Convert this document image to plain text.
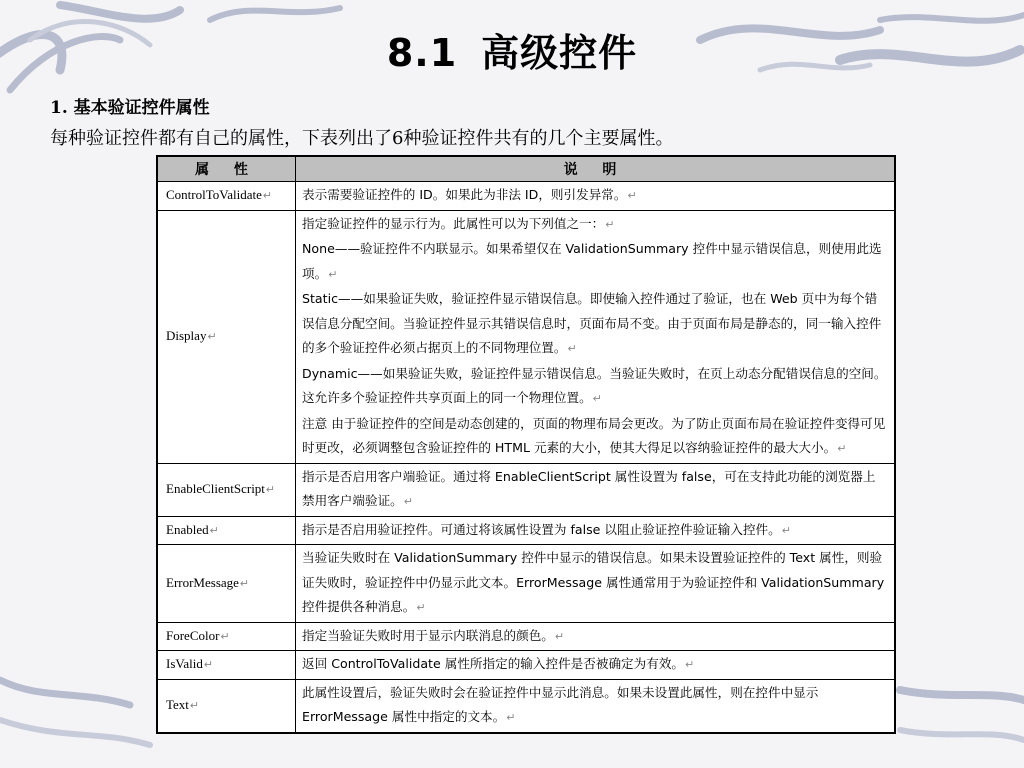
8.1 高级控件
1. 基本验证控件属性
每种验证控件都有自己的属性，下表列出了6种验证控件共有的几个主要属性。
属 性	说 明
ControlToValidate↵	表示需要验证控件的 ID。如果此为非法 ID，则引发异常。↵

Display↵	指定验证控件的显示行为。此属性可以为下列值之一：↵
None——验证控件不内联显示。如果希望仅在 ValidationSummary 控件中显示错误信息，则使用此选项。↵
Static——如果验证失败，验证控件显示错误信息。即使输入控件通过了验证，也在 Web 页中为每个错误信息分配空间。当验证控件显示其错误信息时，页面布局不变。由于页面布局是静态的，同一输入控件的多个验证控件必须占据页上的不同物理位置。↵
Dynamic——如果验证失败，验证控件显示错误信息。当验证失败时，在页上动态分配错误信息的空间。这允许多个验证控件共享页面上的同一个物理位置。↵
注意 由于验证控件的空间是动态创建的，页面的物理布局会更改。为了防止页面布局在验证控件变得可见时更改，必须调整包含验证控件的 HTML 元素的大小，使其大得足以容纳验证控件的最大大小。↵

EnableClientScript↵	指示是否启用客户端验证。通过将 EnableClientScript 属性设置为 false，可在支持此功能的浏览器上禁用客户端验证。↵

Enabled↵	指示是否启用验证控件。可通过将该属性设置为 false 以阻止验证控件验证输入控件。↵

ErrorMessage↵	当验证失败时在 ValidationSummary 控件中显示的错误信息。如果未设置验证控件的 Text 属性，则验证失败时，验证控件中仍显示此文本。ErrorMessage 属性通常用于为验证控件和 ValidationSummary 控件提供各种消息。↵

ForeColor↵	指定当验证失败时用于显示内联消息的颜色。↵

IsValid↵	返回 ControlToValidate 属性所指定的输入控件是否被确定为有效。↵

Text↵	此属性设置后，验证失败时会在验证控件中显示此消息。如果未设置此属性，则在控件中显示 ErrorMessage 属性中指定的文本。↵
